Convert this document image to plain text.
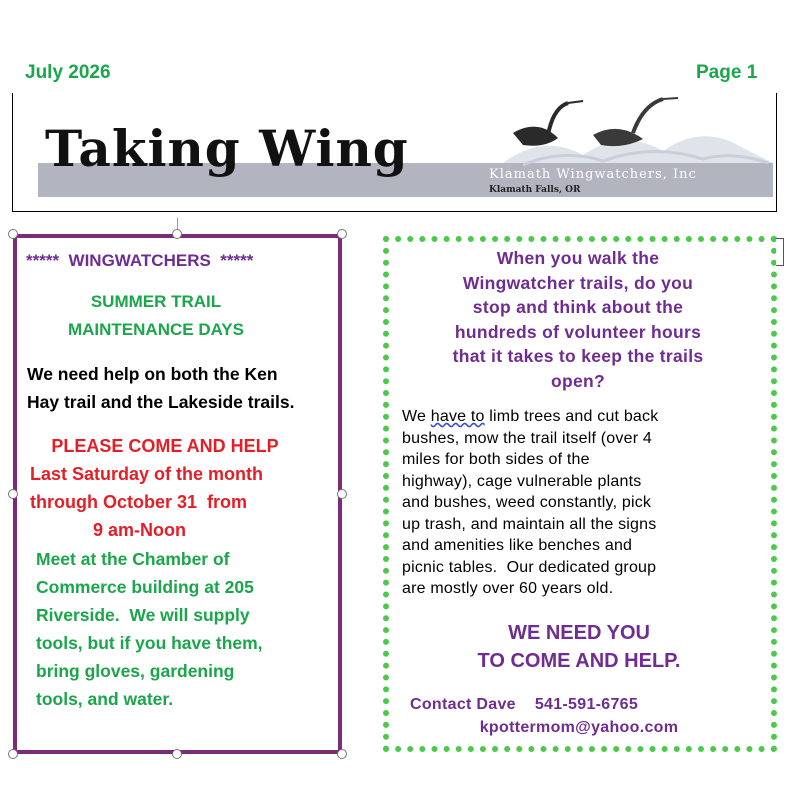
July 2026	Page 1
Taking Wing	Klamath Wingwatchers, Inc
Klamath Falls, OR
*****  WINGWATCHERS  *****
SUMMER TRAIL
MAINTENANCE DAYS
We need help on both the Ken
Hay trail and the Lakeside trails.
PLEASE COME AND HELP
Last Saturday of the month
through October 31  from
9 am-Noon
Meet at the Chamber of
Commerce building at 205
Riverside.  We will supply
tools, but if you have them,
bring gloves, gardening
tools, and water.
When you walk the
Wingwatcher trails, do you
stop and think about the
hundreds of volunteer hours
that it takes to keep the trails
open?
We have to limb trees and cut back
bushes, mow the trail itself (over 4
miles for both sides of the
highway), cage vulnerable plants
and bushes, weed constantly, pick
up trash, and maintain all the signs
and amenities like benches and
picnic tables.  Our dedicated group
are mostly over 60 years old.
WE NEED YOU
TO COME AND HELP.
Contact Dave    541-591-6765
kpottermom@yahoo.com
